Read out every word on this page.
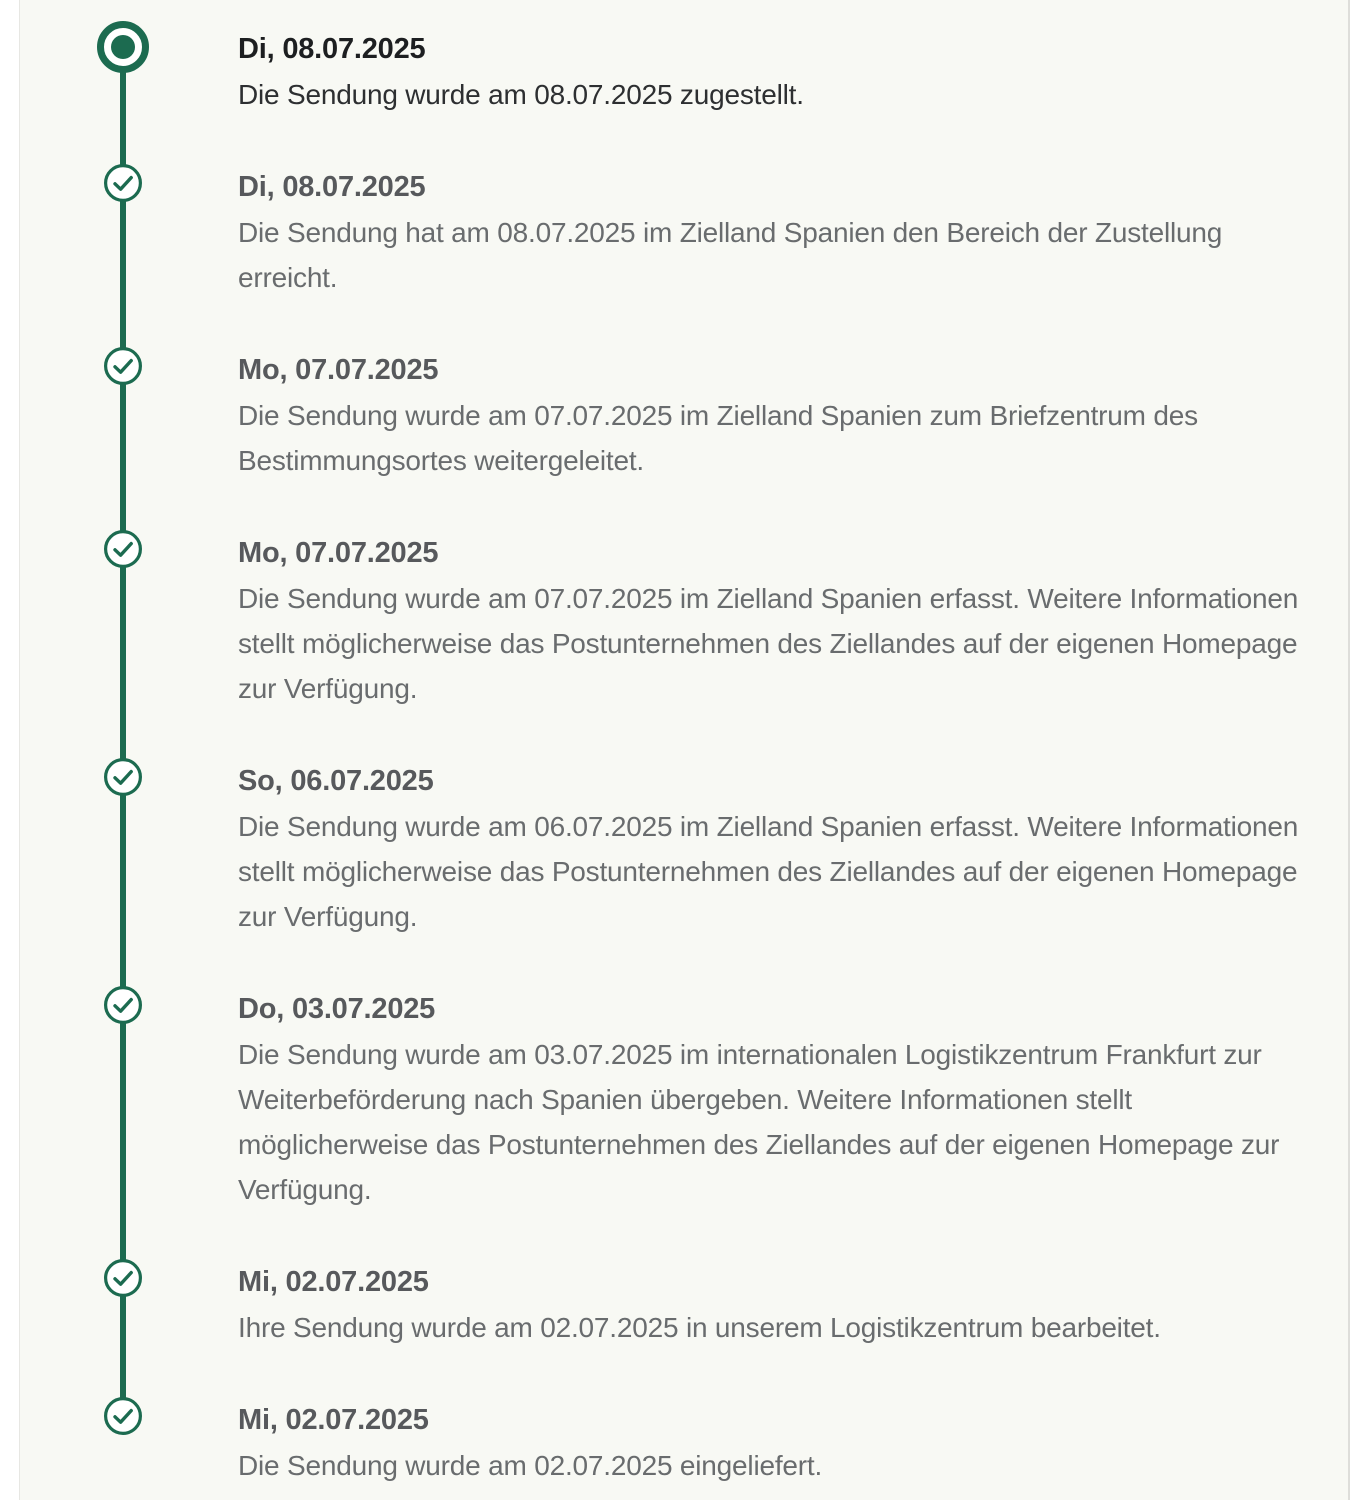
Di, 08.07.2025
Die Sendung wurde am 08.07.2025 zugestellt.
Di, 08.07.2025
Die Sendung hat am 08.07.2025 im Zielland Spanien den Bereich der Zustellung erreicht.
Mo, 07.07.2025
Die Sendung wurde am 07.07.2025 im Zielland Spanien zum Briefzentrum des Bestimmungsortes weitergeleitet.
Mo, 07.07.2025
Die Sendung wurde am 07.07.2025 im Zielland Spanien erfasst. Weitere Informationen stellt möglicherweise das Postunternehmen des Ziellandes auf der eigenen Homepage zur Verfügung.
So, 06.07.2025
Die Sendung wurde am 06.07.2025 im Zielland Spanien erfasst. Weitere Informationen stellt möglicherweise das Postunternehmen des Ziellandes auf der eigenen Homepage zur Verfügung.
Do, 03.07.2025
Die Sendung wurde am 03.07.2025 im internationalen Logistikzentrum Frankfurt zur Weiterbeförderung nach Spanien übergeben. Weitere Informationen stellt möglicherweise das Postunternehmen des Ziellandes auf der eigenen Homepage zur Verfügung.
Mi, 02.07.2025
Ihre Sendung wurde am 02.07.2025 in unserem Logistikzentrum bearbeitet.
Mi, 02.07.2025
Die Sendung wurde am 02.07.2025 eingeliefert.
